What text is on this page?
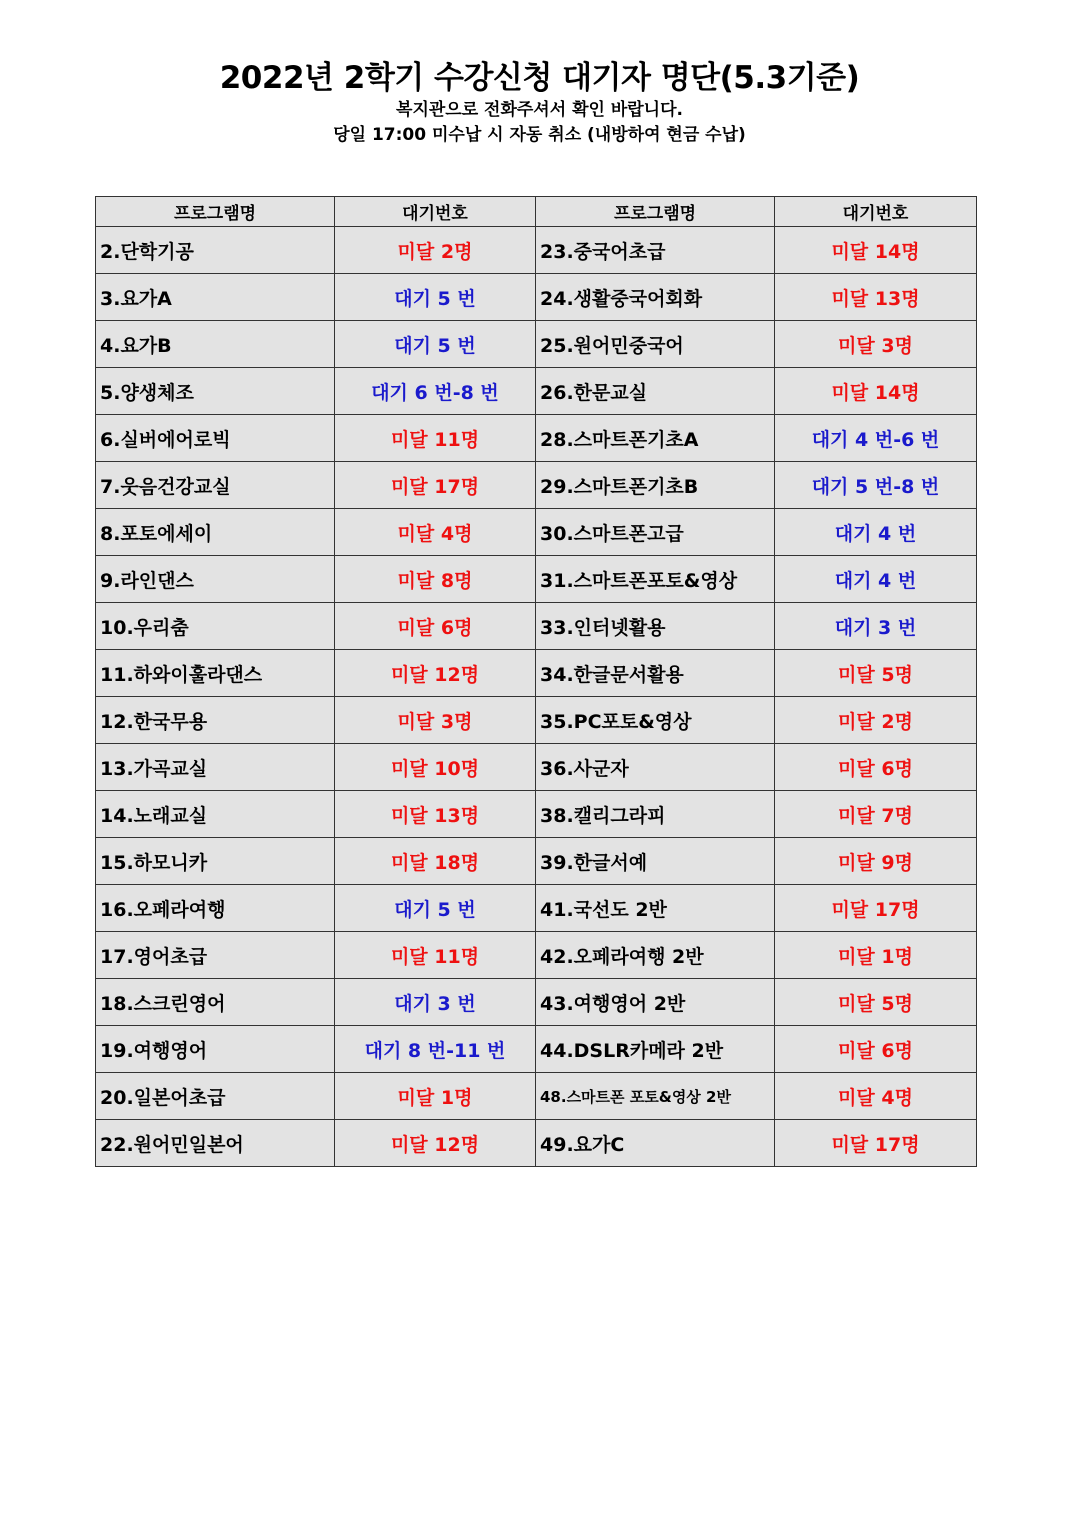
2022년 2학기 수강신청 대기자 명단(5.3기준)
복지관으로 전화주셔서 확인 바랍니다.
당일 17:00 미수납 시 자동 취소 (내방하여 현금 수납)
프로그램명	대기번호	프로그램명	대기번호
2.단학기공	미달 2명	23.중국어초급	미달 14명
3.요가A	대기 5 번	24.생활중국어회화	미달 13명
4.요가B	대기 5 번	25.원어민중국어	미달 3명
5.양생체조	대기 6 번-8 번	26.한문교실	미달 14명
6.실버에어로빅	미달 11명	28.스마트폰기초A	대기 4 번-6 번
7.웃음건강교실	미달 17명	29.스마트폰기초B	대기 5 번-8 번
8.포토에세이	미달 4명	30.스마트폰고급	대기 4 번
9.라인댄스	미달 8명	31.스마트폰포토&영상	대기 4 번
10.우리춤	미달 6명	33.인터넷활용	대기 3 번
11.하와이훌라댄스	미달 12명	34.한글문서활용	미달 5명
12.한국무용	미달 3명	35.PC포토&영상	미달 2명
13.가곡교실	미달 10명	36.사군자	미달 6명
14.노래교실	미달 13명	38.캘리그라피	미달 7명
15.하모니카	미달 18명	39.한글서예	미달 9명
16.오페라여행	대기 5 번	41.국선도 2반	미달 17명
17.영어초급	미달 11명	42.오페라여행 2반	미달 1명
18.스크린영어	대기 3 번	43.여행영어 2반	미달 5명
19.여행영어	대기 8 번-11 번	44.DSLR카메라 2반	미달 6명
20.일본어초급	미달 1명	48.스마트폰 포토&영상 2반	미달 4명
22.원어민일본어	미달 12명	49.요가C	미달 17명
